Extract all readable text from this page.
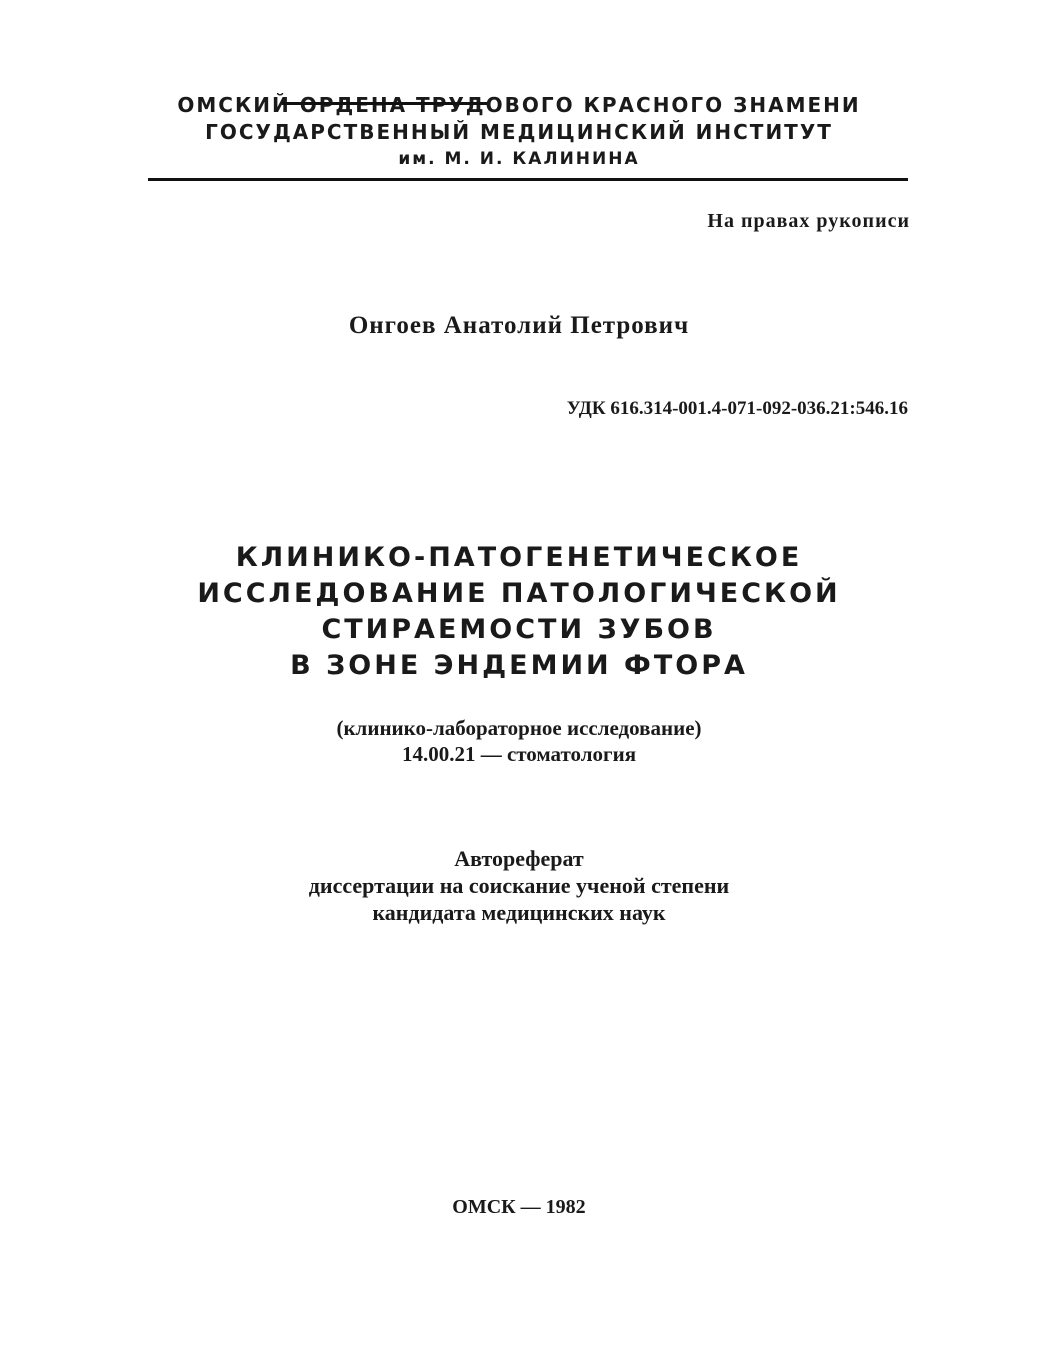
ОМСКИЙ ОРДЕНА ТРУДОВОГО КРАСНОГО ЗНАМЕНИ
ГОСУДАРСТВЕННЫЙ МЕДИЦИНСКИЙ ИНСТИТУТ
им. М. И. КАЛИНИНА
На правах рукописи
Онгоев Анатолий Петрович
УДК 616.314-001.4-071-092-036.21:546.16
КЛИНИКО-ПАТОГЕНЕТИЧЕСКОЕ
ИССЛЕДОВАНИЕ ПАТОЛОГИЧЕСКОЙ
СТИРАЕМОСТИ ЗУБОВ
В ЗОНЕ ЭНДЕМИИ ФТОРА
(клинико-лабораторное исследование)
14.00.21 — стоматология
Автореферат
диссертации на соискание ученой степени
кандидата медицинских наук
ОМСК — 1982
